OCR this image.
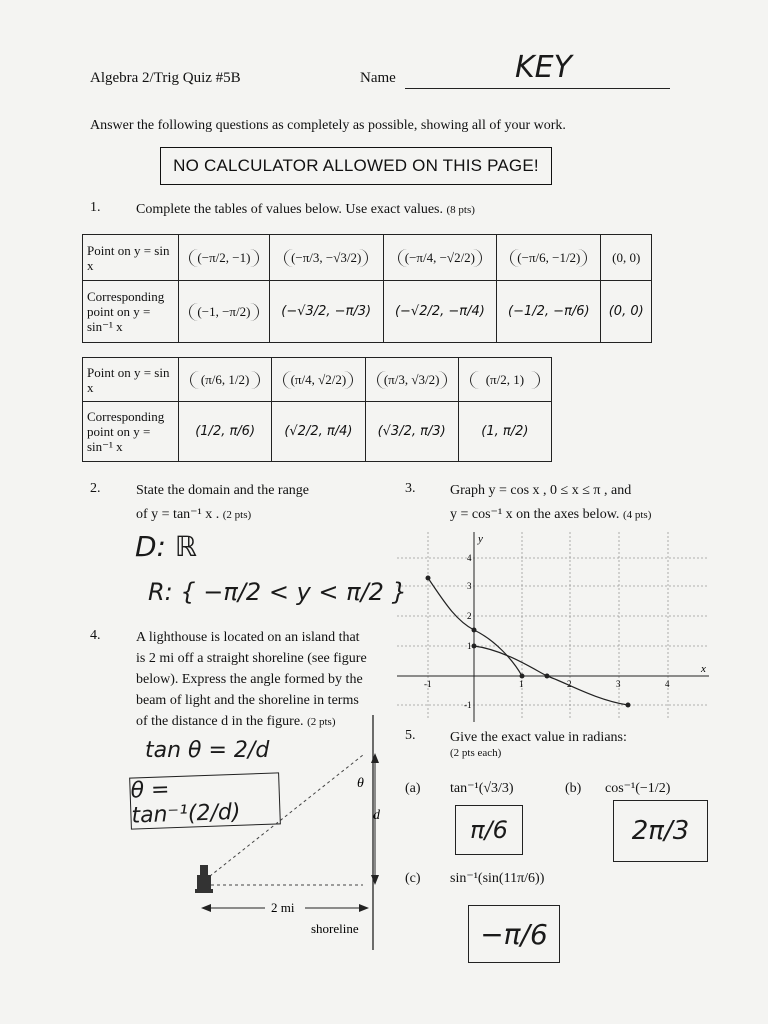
Algebra 2/Trig Quiz #5B	Name	KEY
Answer the following questions as completely as possible, showing all of your work.
NO CALCULATOR ALLOWED ON THIS PAGE!
1.	Complete the tables of values below. Use exact values. (8 pts)
Point on y = sin x	(−π/2, −1)	(−π/3, −√3/2)	(−π/4, −√2/2)	(−π/6, −1/2)	(0, 0)
Corresponding point on y = sin⁻¹ x	(−1, −π/2)	(−√3/2, −π/3)	(−√2/2, −π/4)	(−1/2, −π/6)	(0, 0)
Point on y = sin x	(π/6, 1/2)	(π/4, √2/2)	(π/3, √3/2)	(π/2, 1)
Corresponding point on y = sin⁻¹ x	(1/2, π/6)	(√2/2, π/4)	(√3/2, π/3)	(1, π/2)
2.	State the domain and the range
of y = tan⁻¹ x . (2 pts)
D: ℝ
R: { −π/2 < y < π/2 }
3. Graph y = cos x , 0 ≤ x ≤ π , and
y = cos⁻¹ x on the axes below. (4 pts)
x
y
-1	1	2	3	4
-1
1
2
3
4
4.	A lighthouse is located on an island that
is 2 mi off a straight shoreline (see figure
below). Express the angle formed by the
beam of light and the shoreline in terms
of the distance d in the figure. (2 pts)
tan θ = 2/d
θ = tan⁻¹(2/d)
θ
d
2 mi
shoreline
5. Give the exact value in radians:
(2 pts each)
(a) tan⁻¹(√3/3)
π/6
(b) cos⁻¹(−1/2)
2π/3
(c) sin⁻¹(sin(11π/6))
−π/6
